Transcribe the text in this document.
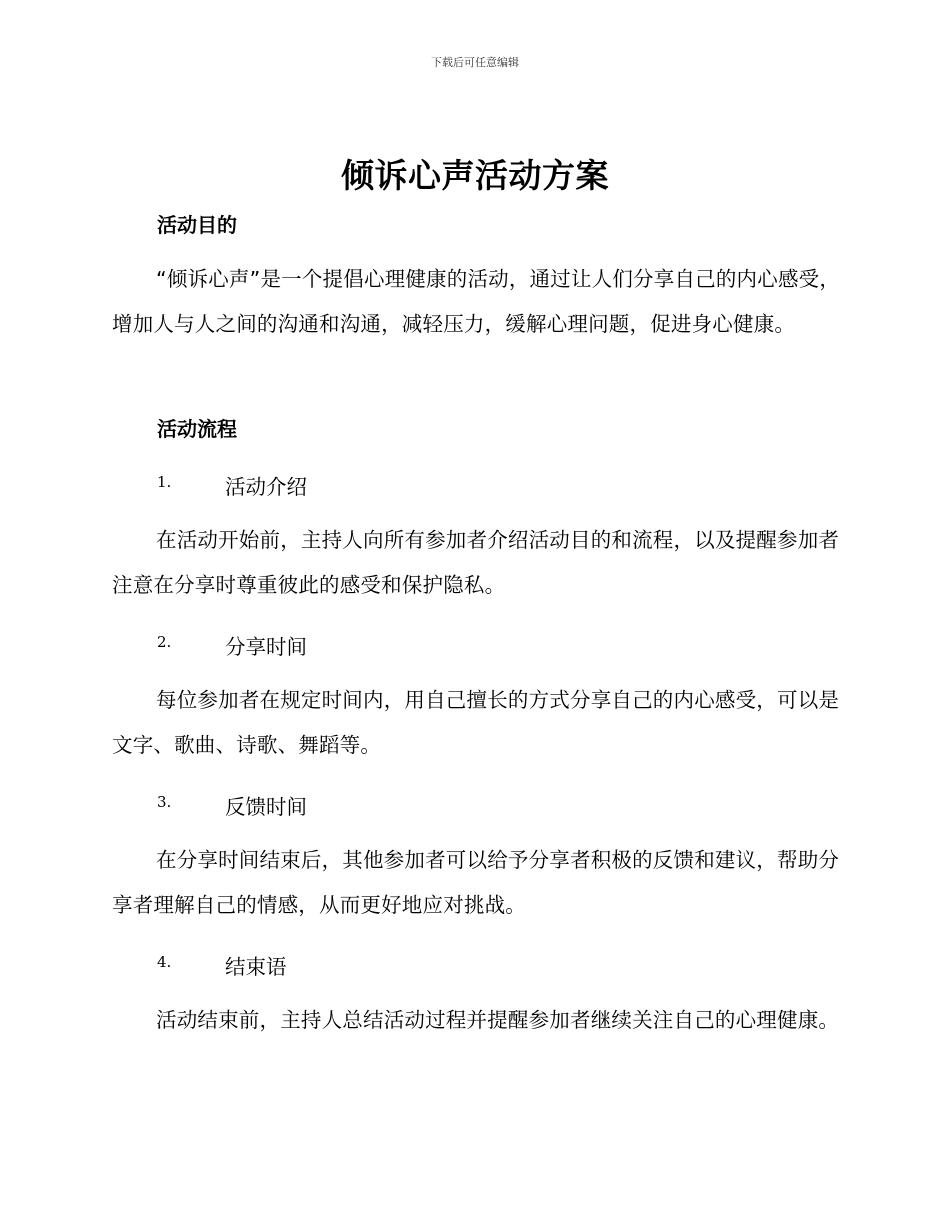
下载后可任意编辑
倾诉心声活动方案
活动目的
“倾诉心声”是一个提倡心理健康的活动，通过让人们分享自己的内心感受，增加人与人之间的沟通和沟通，减轻压力，缓解心理问题，促进身心健康。
活动流程
1.	活动介绍
在活动开始前，主持人向所有参加者介绍活动目的和流程，以及提醒参加者注意在分享时尊重彼此的感受和保护隐私。
2.	分享时间
每位参加者在规定时间内，用自己擅长的方式分享自己的内心感受，可以是文字、歌曲、诗歌、舞蹈等。
3.	反馈时间
在分享时间结束后，其他参加者可以给予分享者积极的反馈和建议，帮助分享者理解自己的情感，从而更好地应对挑战。
4.	结束语
活动结束前，主持人总结活动过程并提醒参加者继续关注自己的心理健康。
